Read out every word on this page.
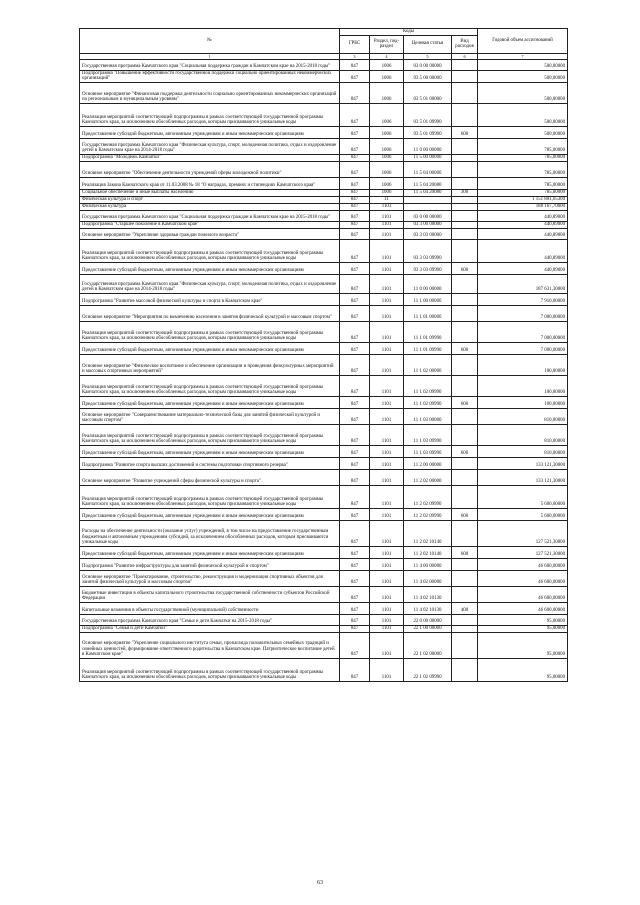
№	Коды				Годовой объем ассигнований
	ГРБС	Раздел, под-раздел	Целевая статья	Вид расходов	
1	3	4	5	6	7
Государственная программа Камчатского края "Социальная поддержка граждан в Камчатском крае на 2015-2018 годы"	847	1006	03 0 00 00000		500,00000
Подпрограмма "Повышение эффективности государственной поддержки социально ориентированных некоммерческих организаций"	847	1006	03 5 00 00000		500,00000
Основное мероприятие "Финансовая поддержка деятельности социально ориентированных некоммерческих организаций по региональным и муниципальным уровням"	847	1006	03 5 01 00000		500,00000
Реализация мероприятий соответствующей подпрограммы в рамках соответствующей государственной программы Камчатского края, за исключением обособленных расходов, которым присваиваются уникальные коды	847	1006	03 5 01 09990		500,00000
Предоставление субсидий бюджетным, автономным учреждениям и иным некоммерческим организациям	847	1006	03 5 01 09990	600	500,00000
Государственная программа Камчатского края "Физическая культура, спорт, молодежная политика, отдых и оздоровление детей в Камчатском крае на 2014-2018 годы"	847	1006	11 0 00 00000		785,00000
Подпрограмма "Молодежь Камчатки"	847	1006	11 5 00 00000		785,00000
Основное мероприятие "Обеспечение деятельности учреждений сферы молодежной политики"	847	1006	11 5 04 00000		785,00000
Реализация Закона Камчатского края от 11.03.2008 № 18 "О наградах, премиях и стипендиях Камчатского края"	847	1006	11 5 04 20080		785,00000
Социальное обеспечение и иные выплаты населению	847	1006	11 5 04 20080	300	785,00000
Физическая культура и спорт	847	11			1 151 801,65300
Физическая культура	847	1101			188 167,70000
Государственная программа Камчатского края "Социальная поддержка граждан в Камчатском крае на 2015-2018 годы"	847	1101	03 0 00 00000		440,89000
Подпрограмма "Старшее поколение в Камчатском крае"	847	1101	03 3 00 00000		440,89000
Основное мероприятие "Укрепление здоровья граждан пожилого возраста"	847	1101	03 3 03 00000		440,89000
Реализация мероприятий соответствующей подпрограммы в рамках соответствующей государственной программы Камчатского края, за исключением обособленных расходов, которым присваиваются уникальные коды	847	1101	03 3 03 09990		440,89000
Предоставление субсидий бюджетным, автономным учреждениям и иным некоммерческим организациям	847	1101	03 3 03 09990	600	440,89000
Государственная программа Камчатского края "Физическая культура, спорт, молодежная политика, отдых и оздоровление детей в Камчатском крае на 2014-2018 годы"	847	1101	11 0 00 00000		187 631,30000
Подпрограмма "Развитие массовой физической культуры и спорта в Камчатском крае"	847	1101	11 1 00 00000		7 910,00000
Основное мероприятие "Мероприятия по вовлечению населения в занятия физической культурой и массовым спортом"	847	1101	11 1 01 00000		7 000,00000
Реализация мероприятий соответствующей подпрограммы в рамках соответствующей государственной программы Камчатского края, за исключением обособленных расходов, которым присваиваются уникальные коды	847	1101	11 1 01 09990		7 000,00000
Предоставление субсидий бюджетным, автономным учреждениям и иным некоммерческим организациям	847	1101	11 1 01 09990	600	7 000,00000
Основное мероприятие "Физическое воспитание и обеспечение организации и проведения физкультурных мероприятий и массовых спортивных мероприятий"	847	1101	11 1 02 00000		100,00000
Реализация мероприятий соответствующей подпрограммы в рамках соответствующей государственной программы Камчатского края, за исключением обособленных расходов, которым присваиваются уникальные коды	847	1101	11 1 02 09990		100,00000
Предоставление субсидий бюджетным, автономным учреждениям и иным некоммерческим организациям	847	1101	11 1 02 09990	600	100,00000
Основное мероприятие "Совершенствование материально-технической базы для занятий физической культурой и массовым спортом"	847	1101	11 1 03 00000		810,00000
Реализация мероприятий соответствующей подпрограммы в рамках соответствующей государственной программы Камчатского края, за исключением обособленных расходов, которым присваиваются уникальные коды	847	1101	11 1 03 09990		810,00000
Предоставление субсидий бюджетным, автономным учреждениям и иным некоммерческим организациям	847	1101	11 1 03 09990	600	810,00000
Подпрограмма "Развитие спорта высших достижений и системы подготовки спортивного резерва"	847	1101	11 2 00 00000		133 121,30000
Основное мероприятие "Развитие учреждений сферы физической культуры и спорта"	847	1101	11 2 02 00000		133 121,30000
Реализация мероприятий соответствующей подпрограммы в рамках соответствующей государственной программы Камчатского края, за исключением обособленных расходов, которым присваиваются уникальные коды	847	1101	11 2 02 09990		5 600,00000
Предоставление субсидий бюджетным, автономным учреждениям и иным некоммерческим организациям	847	1101	11 2 02 09990	600	5 600,00000
Расходы на обеспечение деятельности (оказание услуг) учреждений, в том числе на предоставление государственным бюджетным и автономным учреждениям субсидий, за исключением обособленных расходов, которым присваиваются уникальные коды	847	1101	11 2 02 10140		127 521,30000
Предоставление субсидий бюджетным, автономным учреждениям и иным некоммерческим организациям	847	1101	11 2 02 10140	600	127 521,30000
Подпрограмма "Развитие инфраструктуры для занятий физической культурой и спортом"	847	1101	11 4 00 00000		46 600,00000
Основное мероприятие "Проектирование, строительство, реконструкция и модернизация спортивных объектов для занятий физической культурой и массовым спортом"	847	1101	11 4 02 00000		46 600,00000
Бюджетные инвестиции в объекты капитального строительства государственной собственности субъектов Российской Федерации	847	1101	11 4 02 10130		46 600,00000
Капитальные вложения в объекты государственной (муниципальной) собственности	847	1101	11 4 02 10130	400	46 600,00000
Государственная программа Камчатского края "Семья и дети Камчатки на 2015-2018 годы"	847	1101	22 0 00 00000		95,00000
Подпрограмма "Семья и дети Камчатки"	847	1101	22 1 00 00000		95,00000
Основное мероприятие "Укрепление социального института семьи, пропаганда положительных семейных традиций и семейных ценностей, формирование ответственного родительства в Камчатском крае. Патриотическое воспитание детей в Камчатском крае"	847	1101	22 1 02 00000		95,00000
Реализация мероприятий соответствующей подпрограммы в рамках соответствующей государственной программы Камчатского края, за исключением обособленных расходов, которым присваиваются уникальные коды	847	1101	22 1 02 09990		95,00000
63
